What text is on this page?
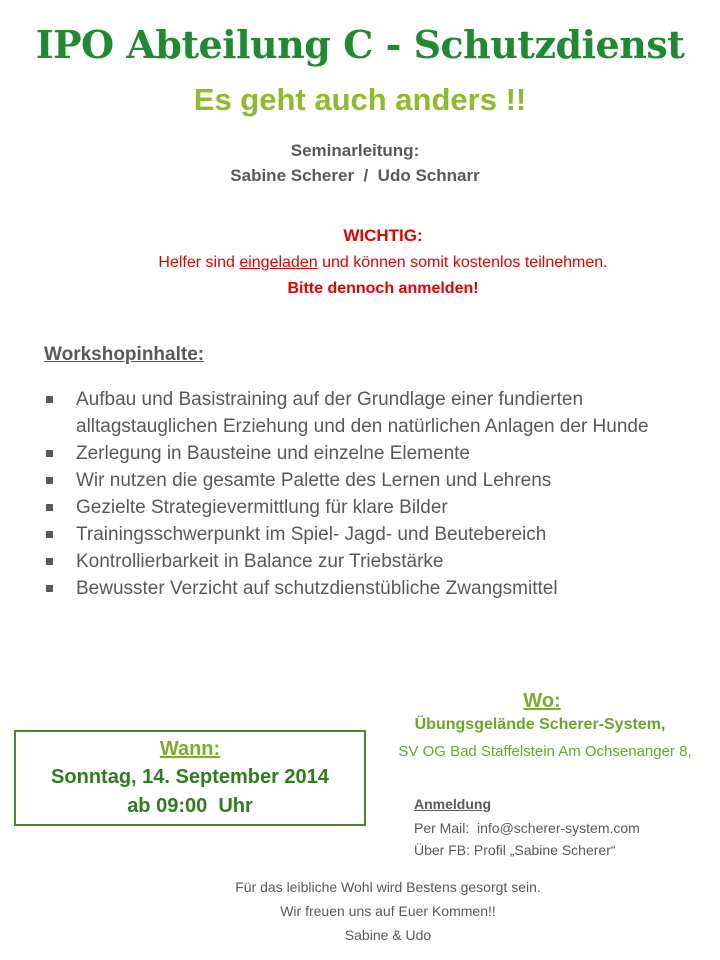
IPO Abteilung C - Schutzdienst
Es geht auch anders !!
Seminarleitung:
Sabine Scherer  /  Udo Schnarr
WICHTIG:
Helfer sind eingeladen und können somit kostenlos teilnehmen.
Bitte dennoch anmelden!
Workshopinhalte:
Aufbau und Basistraining auf der Grundlage einer fundierten alltagstauglichen Erziehung und den natürlichen Anlagen der Hunde
Zerlegung in Bausteine und einzelne Elemente
Wir nutzen die gesamte Palette des Lernen und Lehrens
Gezielte Strategievermittlung für klare Bilder
Trainingsschwerpunkt im Spiel- Jagd- und Beutebereich
Kontrollierbarkeit in Balance zur Triebstärke
Bewusster Verzicht auf schutzdienstübliche Zwangsmittel
Wo:
Übungsgelände Scherer-System,
SV OG Bad Staffelstein Am Ochsenanger 8,
Wann:
Sonntag, 14. September 2014
ab 09:00  Uhr	Anmeldung
Per Mail:  info@scherer-system.com
Über FB: Profil „Sabine Scherer“
Für das leibliche Wohl wird Bestens gesorgt sein.
Wir freuen uns auf Euer Kommen!!
Sabine & Udo
